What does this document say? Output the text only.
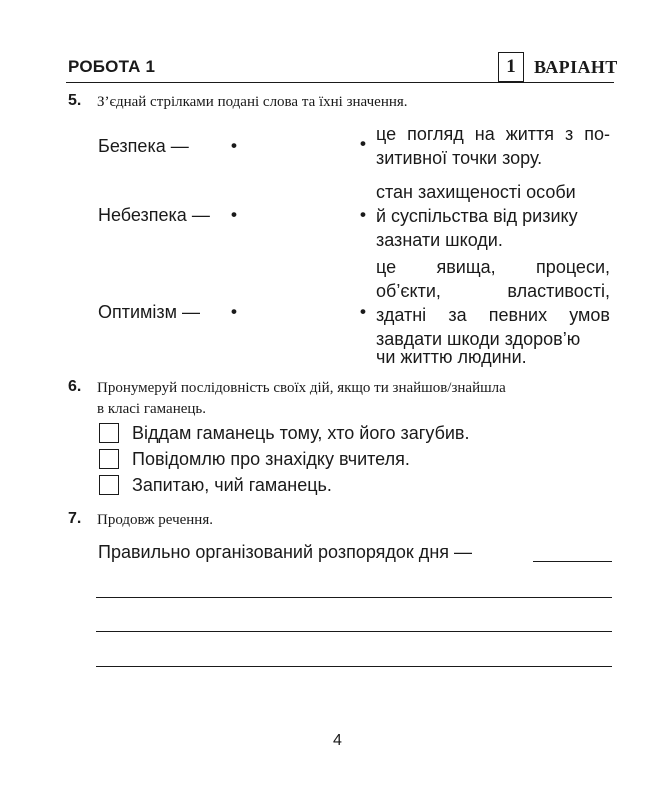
РОБОТА 1	1	ВАРІАНТ
5. З’єднай стрілками подані слова та їхні значення.
Безпека — •
Небезпека — •
Оптимізм — •
• це погляд на життя з по-
зитивної точки зору.
•
стан захищеності особи
й суспільства від ризику
зазнати шкоди.
•
це явища, процеси,
об’єкти, властивості,
здатні за певних умов
завдати шкоди здоров’ю
чи життю людини.
6. Пронумеруй послідовність своїх дій, якщо ти знайшов/знайшла
в класі гаманець.
Віддам гаманець тому, хто його загубив.
Повідомлю про знахідку вчителя.
Запитаю, чий гаманець.
7. Продовж речення.
Правильно організований розпорядок дня —
4
